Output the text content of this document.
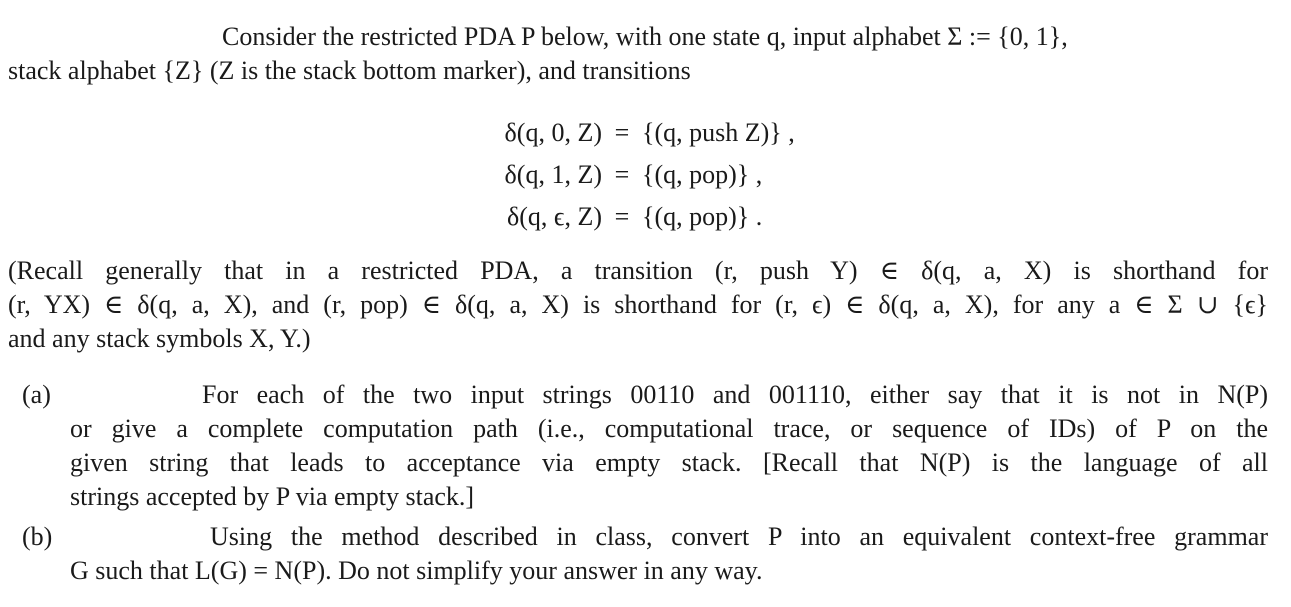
Consider the restricted PDA P below, with one state q, input alphabet Σ := {0, 1},
stack alphabet {Z} (Z is the stack bottom marker), and transitions
δ(q, 0, Z) = {(q, push Z)} ,
δ(q, 1, Z) = {(q, pop)} ,
δ(q, ϵ, Z) = {(q, pop)} .
(Recall generally that in a restricted PDA, a transition (r, push Y) ∈ δ(q, a, X) is shorthand for
(r, YX) ∈ δ(q, a, X), and (r, pop) ∈ δ(q, a, X) is shorthand for (r, ϵ) ∈ δ(q, a, X), for any a ∈ Σ ∪ {ϵ}
and any stack symbols X, Y.)
(a)	For each of the two input strings 00110 and 001110, either say that it is not in N(P)
or give a complete computation path (i.e., computational trace, or sequence of IDs) of P on the
given string that leads to acceptance via empty stack. [Recall that N(P) is the language of all
strings accepted by P via empty stack.]
(b)	Using the method described in class, convert P into an equivalent context-free grammar
G such that L(G) = N(P). Do not simplify your answer in any way.
